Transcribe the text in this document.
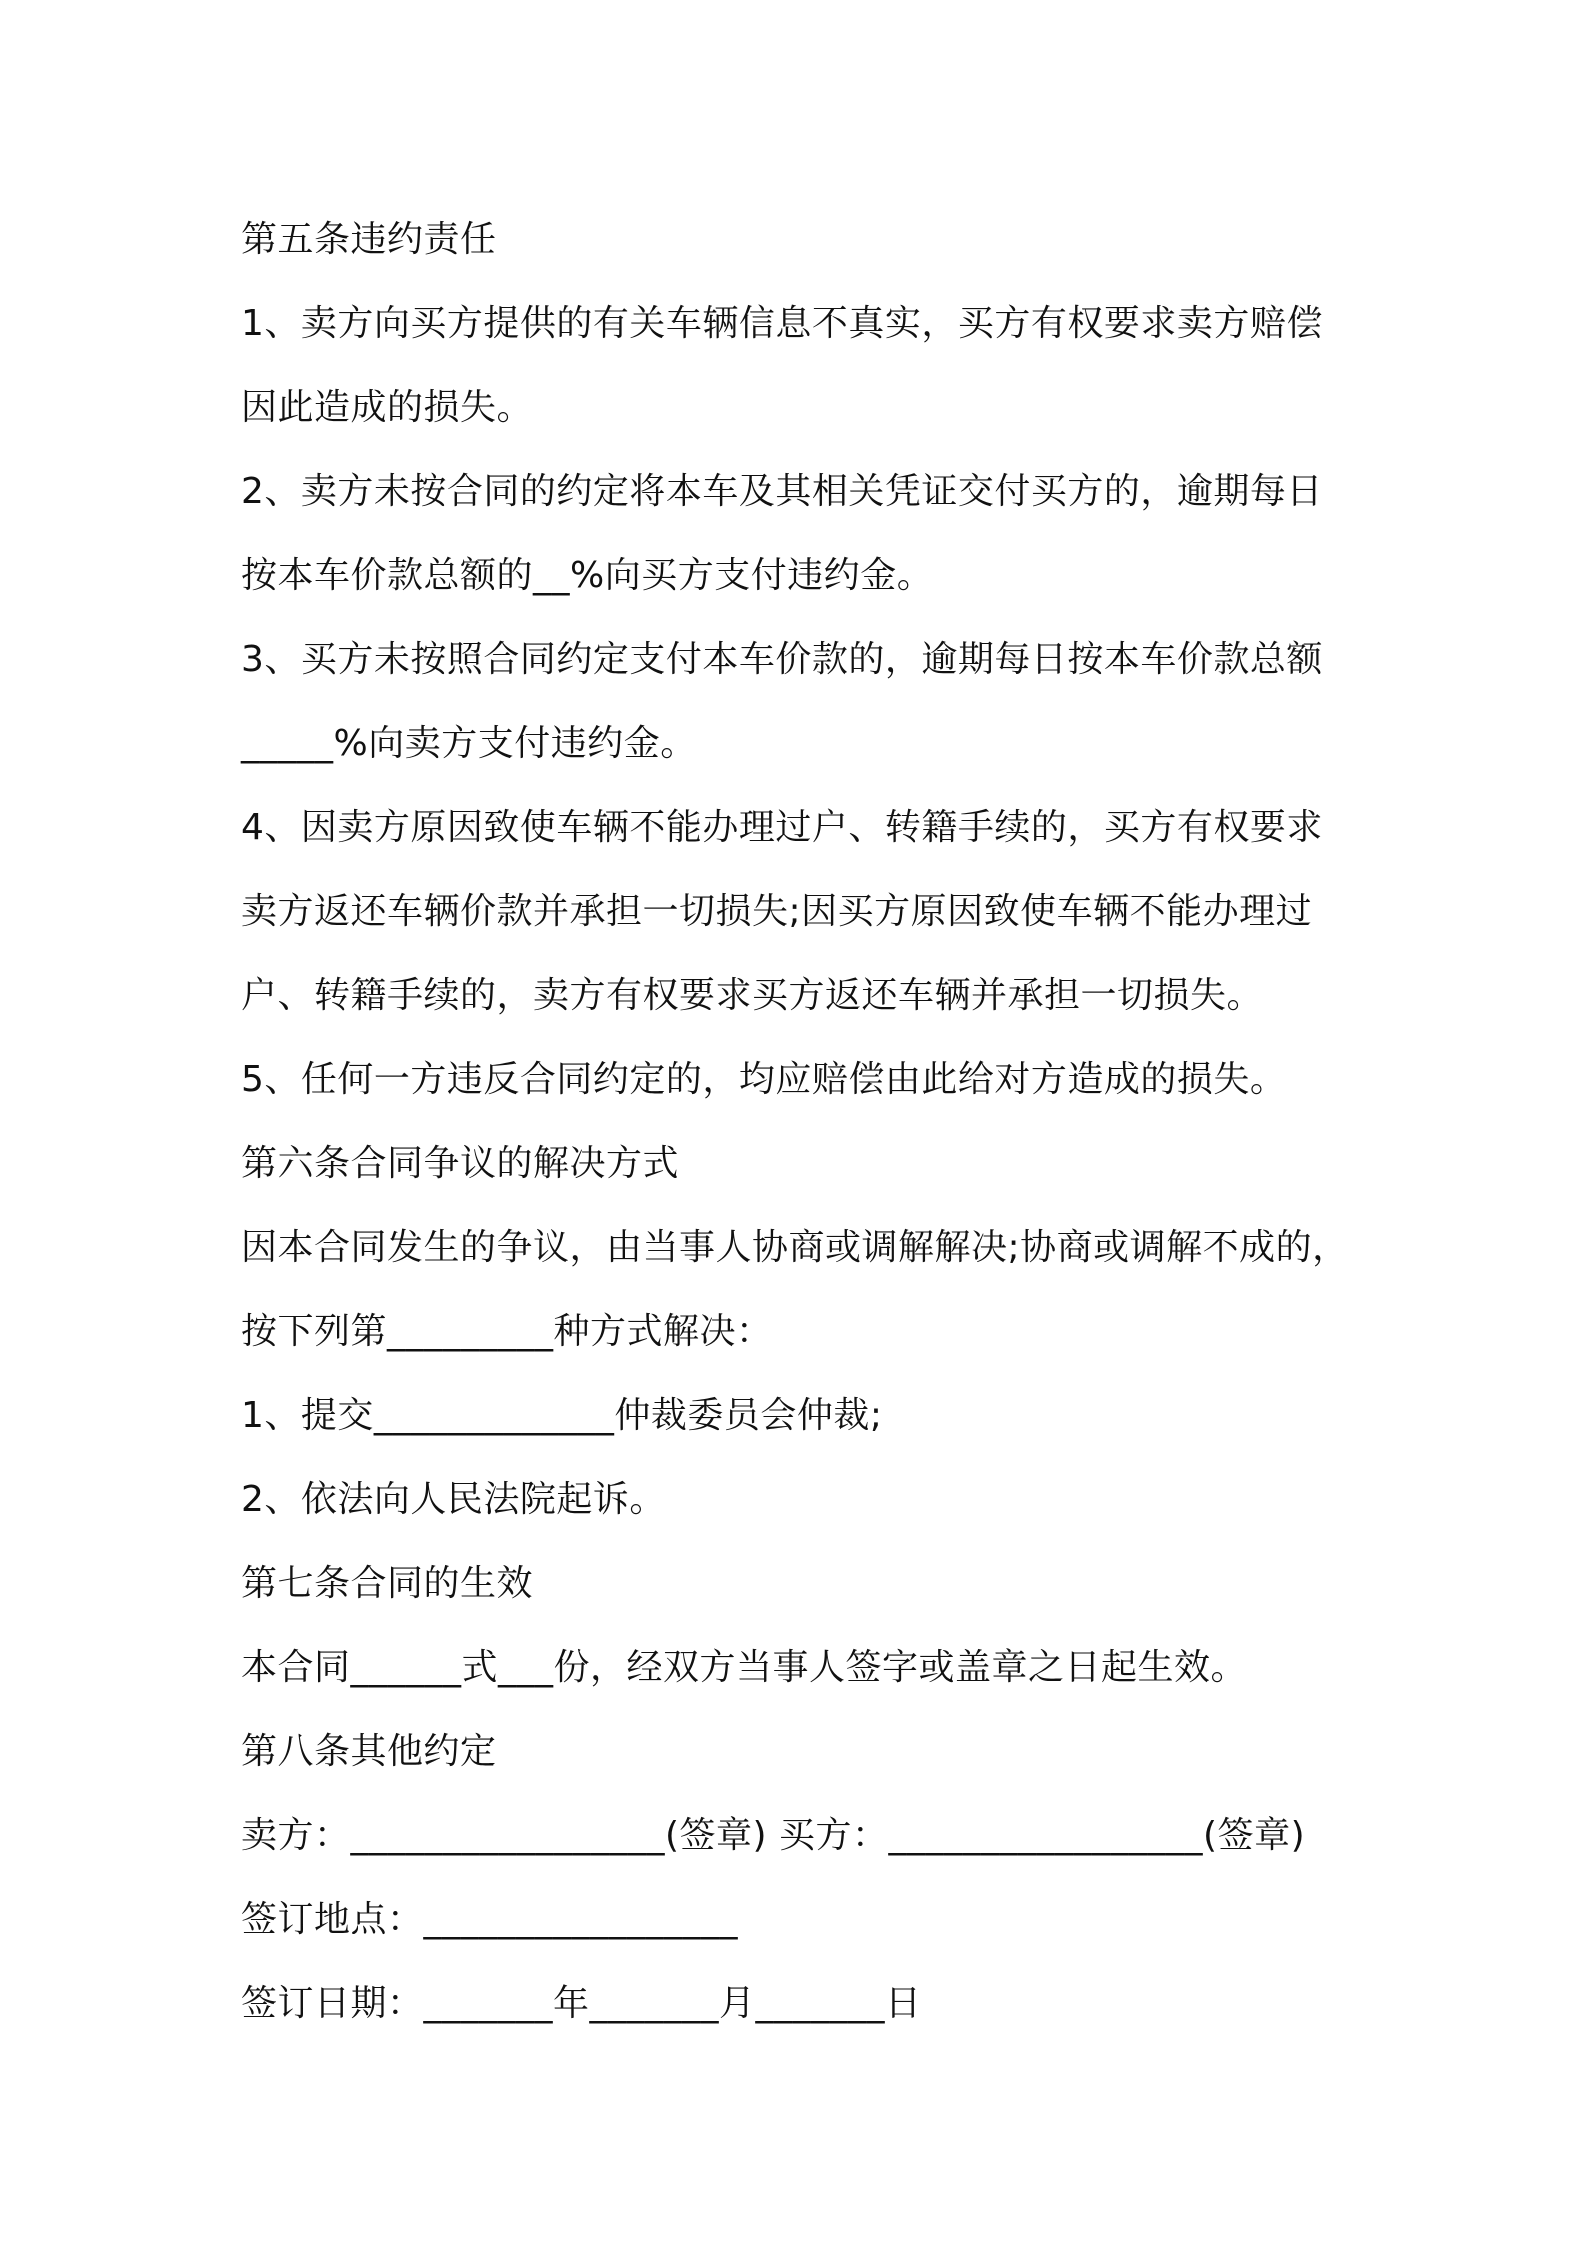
第五条违约责任
1、卖方向买方提供的有关车辆信息不真实，买方有权要求卖方赔偿
因此造成的损失。
2、卖方未按合同的约定将本车及其相关凭证交付买方的，逾期每日
按本车价款总额的__%向买方支付违约金。
3、买方未按照合同约定支付本车价款的，逾期每日按本车价款总额
_____%向卖方支付违约金。
4、因卖方原因致使车辆不能办理过户、转籍手续的，买方有权要求
卖方返还车辆价款并承担一切损失;因买方原因致使车辆不能办理过
户、转籍手续的，卖方有权要求买方返还车辆并承担一切损失。
5、任何一方违反合同约定的，均应赔偿由此给对方造成的损失。
第六条合同争议的解决方式
因本合同发生的争议，由当事人协商或调解解决;协商或调解不成的，
按下列第_________种方式解决：
1、提交_____________仲裁委员会仲裁;
2、依法向人民法院起诉。
第七条合同的生效
本合同______式___份，经双方当事人签字或盖章之日起生效。
第八条其他约定
卖方：_________________(签章) 买方：_________________(签章)
签订地点：_________________
签订日期：_______年_______月_______日
